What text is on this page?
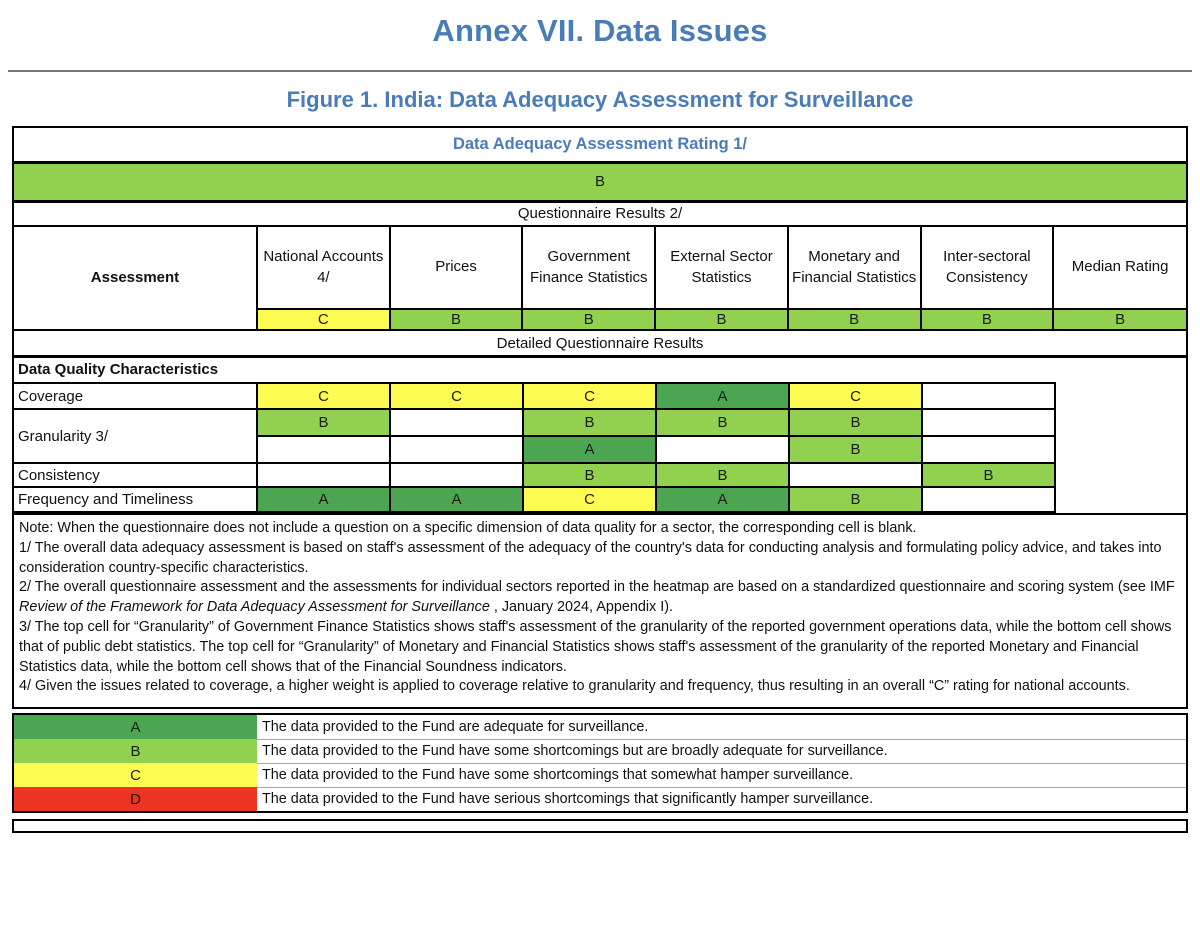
Annex VII. Data Issues
Figure 1. India: Data Adequacy Assessment for Surveillance
Data Adequacy Assessment Rating 1/							
B							
Questionnaire Results 2/							
Assessment	National Accounts 4/	Prices	Government Finance Statistics	External Sector Statistics	Monetary and Financial Statistics	Inter-sectoral Consistency	Median Rating
	C	B	B	B	B	B	B
Detailed Questionnaire Results
Data Quality Characteristics
Coverage	C	C	C	A	C	
Granularity 3/	B		B	B	B	
			A		B	
Consistency			B	B		B
Frequency and Timeliness	A	A	C	A	B	
Note: When the questionnaire does not include a question on a specific dimension of data quality for a sector, the corresponding cell is blank.
1/ The overall data adequacy assessment is based on staff's assessment of the adequacy of the country's data for conducting analysis and formulating policy advice, and takes into consideration country-specific characteristics.
2/ The overall questionnaire assessment and the assessments for individual sectors reported in the heatmap are based on a standardized questionnaire and scoring system (see IMF Review of the Framework for Data Adequacy Assessment for Surveillance , January 2024, Appendix I).
3/ The top cell for “Granularity” of Government Finance Statistics shows staff's assessment of the granularity of the reported government operations data, while the bottom cell shows that of public debt statistics. The top cell for “Granularity” of Monetary and Financial Statistics shows staff's assessment of the granularity of the reported Monetary and Financial Statistics data, while the bottom cell shows that of the Financial Soundness indicators.
4/ Given the issues related to coverage, a higher weight is applied to coverage relative to granularity and frequency, thus resulting in an overall “C” rating for national accounts.
A	The data provided to the Fund are adequate for surveillance.
B	The data provided to the Fund have some shortcomings but are broadly adequate for surveillance.
C	The data provided to the Fund have some shortcomings that somewhat hamper surveillance.
D	The data provided to the Fund have serious shortcomings that significantly hamper surveillance.
